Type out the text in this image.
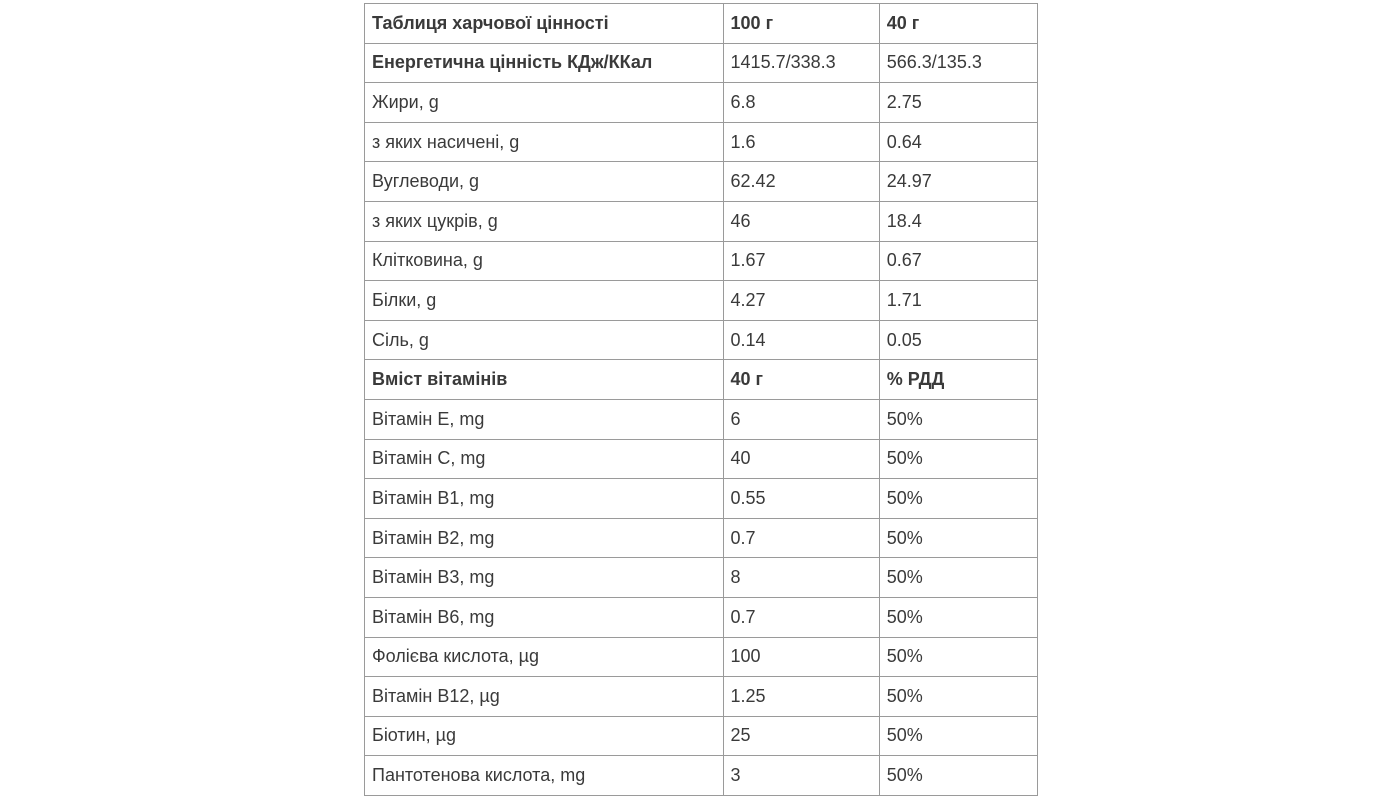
Таблиця харчової цінності	100 г	40 г
Енергетична цінність КДж/ККал	1415.7/338.3	566.3/135.3
Жири, g	6.8	2.75
з яких насичені, g	1.6	0.64
Вуглеводи, g	62.42	24.97
з яких цукрів, g	46	18.4
Клітковина, g	1.67	0.67
Білки, g	4.27	1.71
Сіль, g	0.14	0.05
Вміст вітамінів	40 г	% РДД
Вітамін E, mg	6	50%
Вітамін C, mg	40	50%
Вітамін B1, mg	0.55	50%
Вітамін B2, mg	0.7	50%
Вітамін B3, mg	8	50%
Вітамін B6, mg	0.7	50%
Фолієва кислота, µg	100	50%
Вітамін B12, µg	1.25	50%
Біотин, µg	25	50%
Пантотенова кислота, mg	3	50%
